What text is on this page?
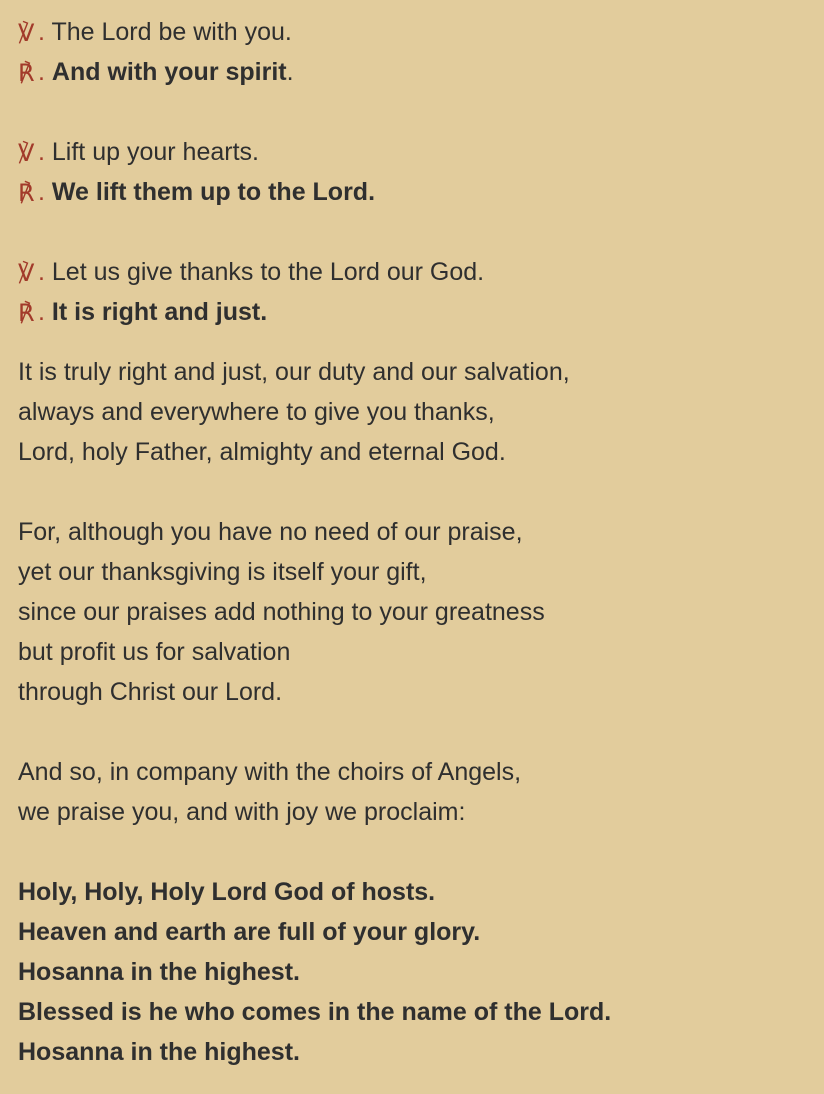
℣ . The Lord be with you.
℟ . And with your spirit.
℣ . Lift up your hearts.
℟ . We lift them up to the Lord.
℣ . Let us give thanks to the Lord our God.
℟ . It is right and just.
It is truly right and just, our duty and our salvation,
always and everywhere to give you thanks,
Lord, holy Father, almighty and eternal God.
For, although you have no need of our praise,
yet our thanksgiving is itself your gift,
since our praises add nothing to your greatness
but profit us for salvation
through Christ our Lord.
And so, in company with the choirs of Angels,
we praise you, and with joy we proclaim:
Holy, Holy, Holy Lord God of hosts.
Heaven and earth are full of your glory.
Hosanna in the highest.
Blessed is he who comes in the name of the Lord.
Hosanna in the highest.
